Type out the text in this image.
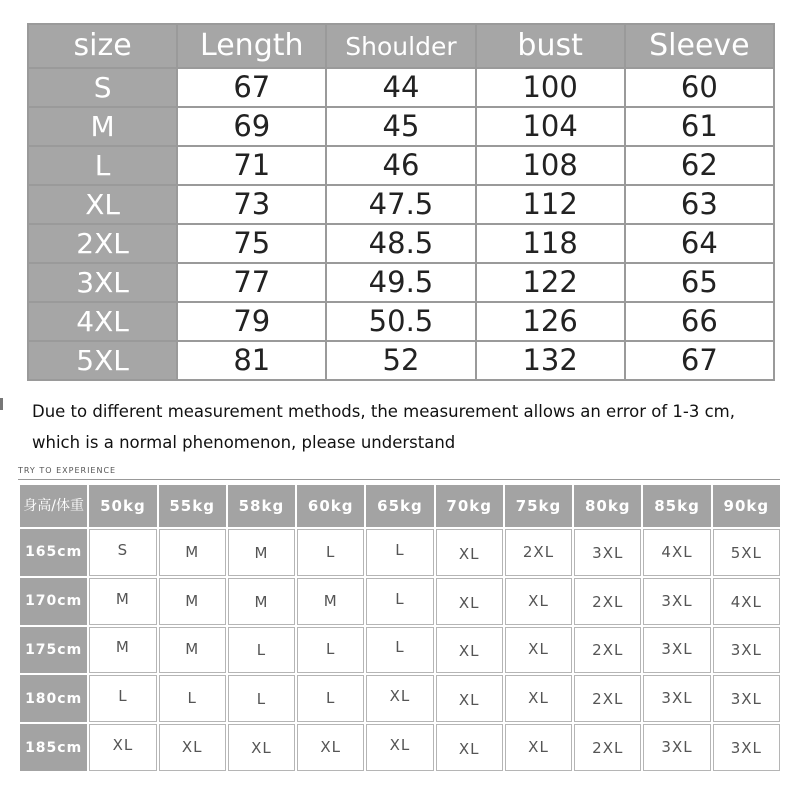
size	Length	Shoulder	bust	Sleeve
S	67	44	100	60
M	69	45	104	61
L	71	46	108	62
XL	73	47.5	112	63
2XL	75	48.5	118	64
3XL	77	49.5	122	65
4XL	79	50.5	126	66
5XL	81	52	132	67
Due to different measurement methods, the measurement allows an error of 1-3 cm,
which is a normal phenomenon, please understand
TRY TO EXPERIENCE
身高/体重	50kg	55kg	58kg	60kg	65kg	70kg	75kg	80kg	85kg	90kg
165cm	S	M	M	L	L	XL	2XL	3XL	4XL	5XL
170cm	M	M	M	M	L	XL	XL	2XL	3XL	4XL
175cm	M	M	L	L	L	XL	XL	2XL	3XL	3XL
180cm	L	L	L	L	XL	XL	XL	2XL	3XL	3XL
185cm	XL	XL	XL	XL	XL	XL	XL	2XL	3XL	3XL
